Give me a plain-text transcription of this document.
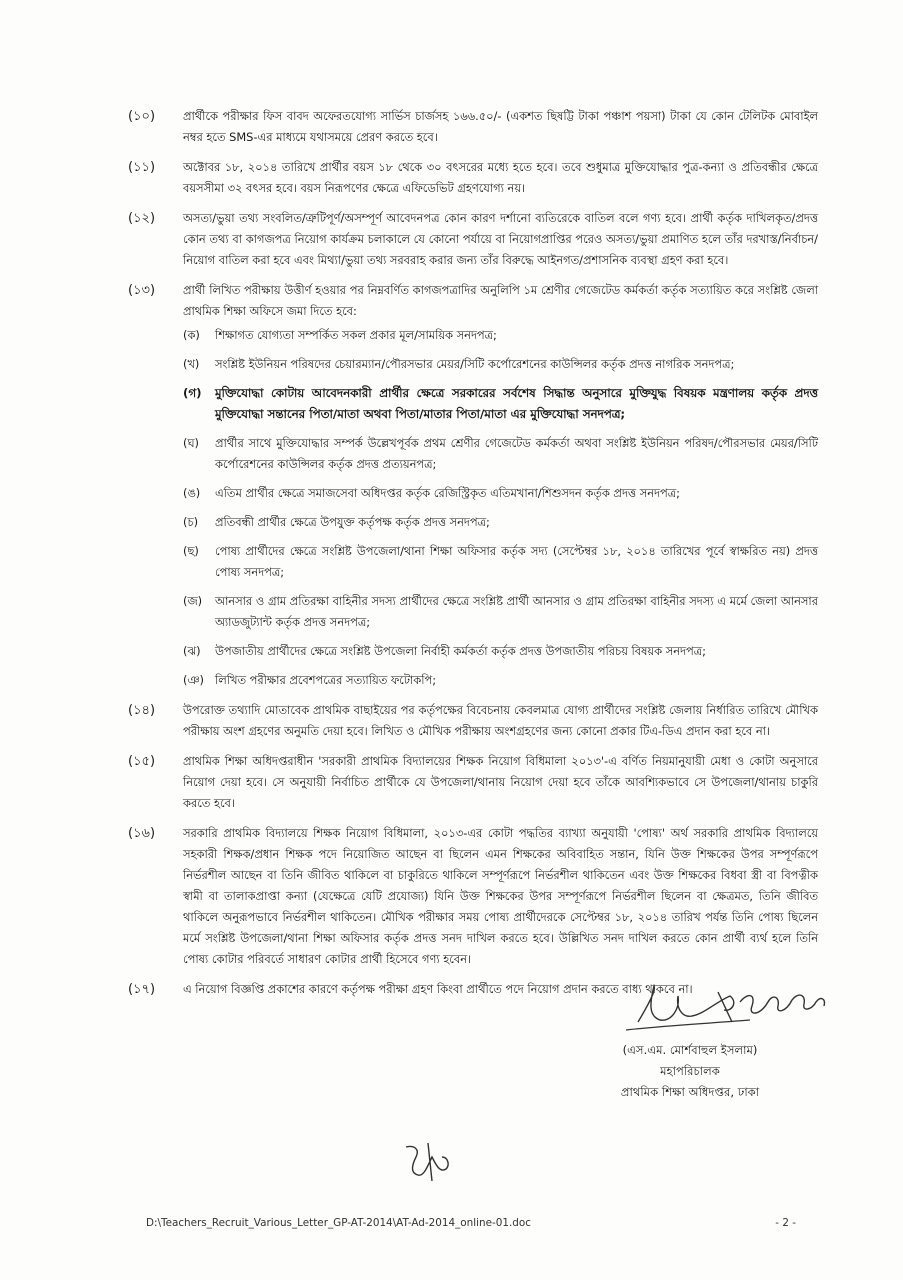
(১০)	প্রার্থীকে পরীক্ষার ফিস বাবদ অফেরতযোগ্য সার্ভিস চার্জসহ ১৬৬.৫০/- (একশত ছিষট্টি টাকা পঞ্চাশ পয়সা) টাকা যে কোন টেলিটক মোবাইল নম্বর হতে SMS-এর মাধ্যমে যথাসময়ে প্রেরণ করতে হবে।
(১১)	অক্টোবর ১৮, ২০১৪ তারিখে প্রার্থীর বয়স ১৮ থেকে ৩০ বৎসরের মধ্যে হতে হবে। তবে শুধুমাত্র মুক্তিযোদ্ধার পুত্র-কন্যা ও প্রতিবন্ধীর ক্ষেত্রে বয়সসীমা ৩২ বৎসর হবে। বয়স নিরূপণের ক্ষেত্রে এফিডেভিট গ্রহণযোগ্য নয়।
(১২)	অসত্য/ভুয়া তথ্য সংবলিত/ত্রুটিপূর্ণ/অসম্পূর্ণ আবেদনপত্র কোন কারণ দর্শানো ব্যতিরেকে বাতিল বলে গণ্য হবে। প্রার্থী কর্তৃক দাখিলকৃত/প্রদত্ত কোন তথ্য বা কাগজপত্র নিয়োগ কার্যক্রম চলাকালে যে কোনো পর্যায়ে বা নিয়োগপ্রাপ্তির পরেও অসত্য/ভুয়া প্রমাণিত হলে তাঁর দরখাস্ত/নির্বাচন/নিয়োগ বাতিল করা হবে এবং মিথ্যা/ভুয়া তথ্য সরবরাহ করার জন্য তাঁর বিরুদ্ধে আইনগত/প্রশাসনিক ব্যবস্থা গ্রহণ করা হবে।
(১৩)	প্রার্থী লিখিত পরীক্ষায় উত্তীর্ণ হওয়ার পর নিম্নবর্ণিত কাগজপত্রাদির অনুলিপি ১ম শ্রেণীর গেজেটেড কর্মকর্তা কর্তৃক সত্যায়িত করে সংশ্লিষ্ট জেলা প্রাথমিক শিক্ষা অফিসে জমা দিতে হবে:
(ক)	শিক্ষাগত যোগ্যতা সম্পর্কিত সকল প্রকার মূল/সাময়িক সনদপত্র;
(খ)	সংশ্লিষ্ট ইউনিয়ন পরিষদের চেয়ারম্যান/পৌরসভার মেয়র/সিটি কর্পোরেশনের কাউন্সিলর কর্তৃক প্রদত্ত নাগরিক সনদপত্র;
(গ)	মুক্তিযোদ্ধা কোটায় আবেদনকারী প্রার্থীর ক্ষেত্রে সরকারের সর্বশেষ সিদ্ধান্ত অনুসারে মুক্তিযুদ্ধ বিষয়ক মন্ত্রণালয় কর্তৃক প্রদত্ত মুক্তিযোদ্ধা সন্তানের পিতা/মাতা অথবা পিতা/মাতার পিতা/মাতা এর মুক্তিযোদ্ধা সনদপত্র;
(ঘ)	প্রার্থীর সাথে মুক্তিযোদ্ধার সম্পর্ক উল্লেখপূর্বক প্রথম শ্রেণীর গেজেটেড কর্মকর্তা অথবা সংশ্লিষ্ট ইউনিয়ন পরিষদ/পৌরসভার মেয়র/সিটি কর্পোরেশনের কাউন্সিলর কর্তৃক প্রদত্ত প্রত্যয়নপত্র;
(ঙ)	এতিম প্রার্থীর ক্ষেত্রে সমাজসেবা অধিদপ্তর কর্তৃক রেজিস্ট্রিকৃত এতিমখানা/শিশুসদন কর্তৃক প্রদত্ত সনদপত্র;
(চ)	প্রতিবন্ধী প্রার্থীর ক্ষেত্রে উপযুক্ত কর্তৃপক্ষ কর্তৃক প্রদত্ত সনদপত্র;
(ছ)	পোষ্য প্রার্থীদের ক্ষেত্রে সংশ্লিষ্ট উপজেলা/থানা শিক্ষা অফিসার কর্তৃক সদ্য (সেপ্টেম্বর ১৮, ২০১৪ তারিখের পূর্বে স্বাক্ষরিত নয়) প্রদত্ত পোষ্য সনদপত্র;
(জ)	আনসার ও গ্রাম প্রতিরক্ষা বাহিনীর সদস্য প্রার্থীদের ক্ষেত্রে সংশ্লিষ্ট প্রার্থী আনসার ও গ্রাম প্রতিরক্ষা বাহিনীর সদস্য এ মর্মে জেলা আনসার অ্যাডজুট্যান্ট কর্তৃক প্রদত্ত সনদপত্র;
(ঝ)	উপজাতীয় প্রার্থীদের ক্ষেত্রে সংশ্লিষ্ট উপজেলা নির্বাহী কর্মকর্তা কর্তৃক প্রদত্ত উপজাতীয় পরিচয় বিষয়ক সনদপত্র;
(ঞ) লিখিত পরীক্ষার প্রবেশপত্রের সত্যায়িত ফটোকপি;
(১৪)	উপরোক্ত তথ্যাদি মোতাবেক প্রাথমিক বাছাইয়ের পর কর্তৃপক্ষের বিবেচনায় কেবলমাত্র যোগ্য প্রার্থীদের সংশ্লিষ্ট জেলায় নির্ধারিত তারিখে মৌখিক পরীক্ষায় অংশ গ্রহণের অনুমতি দেয়া হবে। লিখিত ও মৌখিক পরীক্ষায় অংশগ্রহণের জন্য কোনো প্রকার টিএ-ডিএ প্রদান করা হবে না।
(১৫)	প্রাথমিক শিক্ষা অধিদপ্তরাধীন 'সরকারী প্রাথমিক বিদ্যালয়ের শিক্ষক নিয়োগ বিধিমালা ২০১৩'-এ বর্ণিত নিয়মানুযায়ী মেধা ও কোটা অনুসারে নিয়োগ দেয়া হবে। সে অনুযায়ী নির্বাচিত প্রার্থীকে যে উপজেলা/থানায় নিয়োগ দেয়া হবে তাঁকে আবশ্যিকভাবে সে উপজেলা/থানায় চাকুরি করতে হবে।
(১৬)	সরকারি প্রাথমিক বিদ্যালয়ে শিক্ষক নিয়োগ বিধিমালা, ২০১৩-এর কোটা পদ্ধতির ব্যাখ্যা অনুযায়ী 'পোষ্য' অর্থ সরকারি প্রাথমিক বিদ্যালয়ে সহকারী শিক্ষক/প্রধান শিক্ষক পদে নিয়োজিত আছেন বা ছিলেন এমন শিক্ষকের অবিবাহিত সন্তান, যিনি উক্ত শিক্ষকের উপর সম্পূর্ণরূপে নির্ভরশীল আছেন বা তিনি জীবিত থাকিলে বা চাকুরিতে থাকিলে সম্পূর্ণরূপে নির্ভরশীল থাকিতেন এবং উক্ত শিক্ষকের বিধবা স্ত্রী বা বিপত্নীক স্বামী বা তালাকপ্রাপ্তা কন্যা (যেক্ষেত্রে যেটি প্রযোজ্য) যিনি উক্ত শিক্ষকের উপর সম্পূর্ণরূপে নির্ভরশীল ছিলেন বা ক্ষেত্রমত, তিনি জীবিত থাকিলে অনুরূপভাবে নির্ভরশীল থাকিতেন। মৌখিক পরীক্ষার সময় পোষ্য প্রার্থীদেরকে সেপ্টেম্বর ১৮, ২০১৪ তারিখ পর্যন্ত তিনি পোষ্য ছিলেন মর্মে সংশ্লিষ্ট উপজেলা/থানা শিক্ষা অফিসার কর্তৃক প্রদত্ত সনদ দাখিল করতে হবে। উল্লিখিত সনদ দাখিল করতে কোন প্রার্থী ব্যর্থ হলে তিনি পোষ্য কোটার পরিবর্তে সাধারণ কোটার প্রার্থী হিসেবে গণ্য হবেন।
(১৭)	এ নিয়োগ বিজ্ঞপ্তি প্রকাশের কারণে কর্তৃপক্ষ পরীক্ষা গ্রহণ কিংবা প্রার্থীতে পদে নিয়োগ প্রদান করতে বাধ্য থাকবে না।
(এস.এম. মোর্শবাহুল ইসলাম)
মহাপরিচালক
প্রাথমিক শিক্ষা অধিদপ্তর, ঢাকা
D:\Teachers_Recruit_Various_Letter_GP-AT-2014\AT-Ad-2014_online-01.doc	- 2 -
